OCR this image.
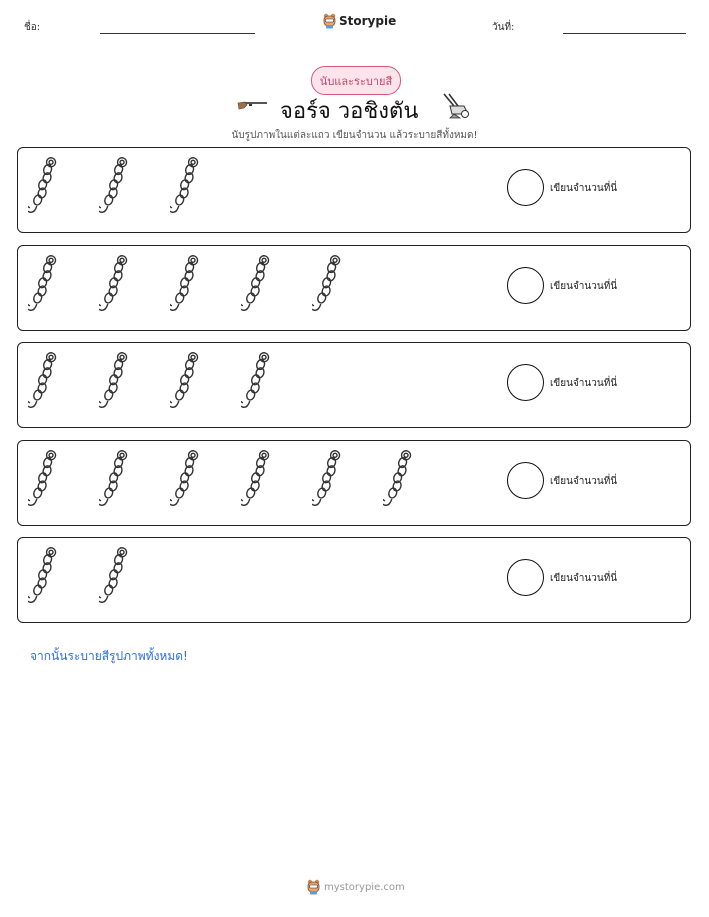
ชื่อ:	Storypie	วันที่:
นับและระบายสี
จอร์จ วอชิงตัน
นับรูปภาพในแต่ละแถว เขียนจำนวน แล้วระบายสีทั้งหมด!
เขียนจำนวนที่นี่
เขียนจำนวนที่นี่
เขียนจำนวนที่นี่
เขียนจำนวนที่นี่
เขียนจำนวนที่นี่
จากนั้นระบายสีรูปภาพทั้งหมด!
mystorypie.com
